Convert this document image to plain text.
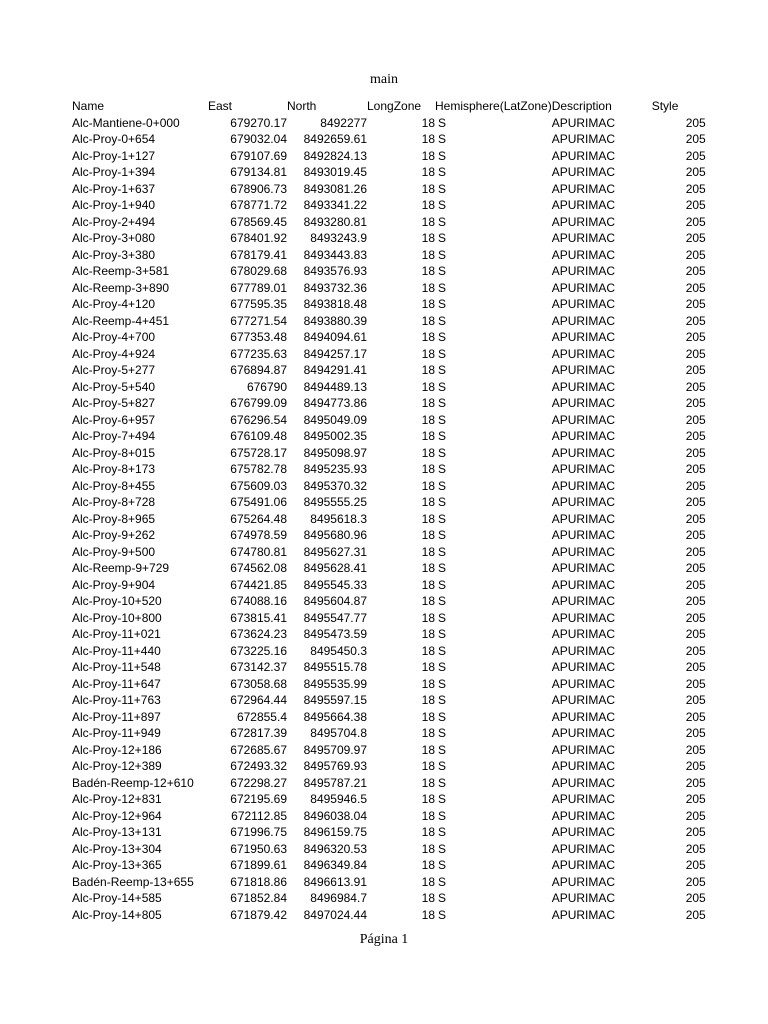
main
Name	East	North	LongZone	Hemisphere(LatZone)	Description	Style
Alc-Mantiene-0+000	679270.17	8492277	18	S	APURIMAC	205
Alc-Proy-0+654	679032.04	8492659.61	18	S	APURIMAC	205
Alc-Proy-1+127	679107.69	8492824.13	18	S	APURIMAC	205
Alc-Proy-1+394	679134.81	8493019.45	18	S	APURIMAC	205
Alc-Proy-1+637	678906.73	8493081.26	18	S	APURIMAC	205
Alc-Proy-1+940	678771.72	8493341.22	18	S	APURIMAC	205
Alc-Proy-2+494	678569.45	8493280.81	18	S	APURIMAC	205
Alc-Proy-3+080	678401.92	8493243.9	18	S	APURIMAC	205
Alc-Proy-3+380	678179.41	8493443.83	18	S	APURIMAC	205
Alc-Reemp-3+581	678029.68	8493576.93	18	S	APURIMAC	205
Alc-Reemp-3+890	677789.01	8493732.36	18	S	APURIMAC	205
Alc-Proy-4+120	677595.35	8493818.48	18	S	APURIMAC	205
Alc-Reemp-4+451	677271.54	8493880.39	18	S	APURIMAC	205
Alc-Proy-4+700	677353.48	8494094.61	18	S	APURIMAC	205
Alc-Proy-4+924	677235.63	8494257.17	18	S	APURIMAC	205
Alc-Proy-5+277	676894.87	8494291.41	18	S	APURIMAC	205
Alc-Proy-5+540	676790	8494489.13	18	S	APURIMAC	205
Alc-Proy-5+827	676799.09	8494773.86	18	S	APURIMAC	205
Alc-Proy-6+957	676296.54	8495049.09	18	S	APURIMAC	205
Alc-Proy-7+494	676109.48	8495002.35	18	S	APURIMAC	205
Alc-Proy-8+015	675728.17	8495098.97	18	S	APURIMAC	205
Alc-Proy-8+173	675782.78	8495235.93	18	S	APURIMAC	205
Alc-Proy-8+455	675609.03	8495370.32	18	S	APURIMAC	205
Alc-Proy-8+728	675491.06	8495555.25	18	S	APURIMAC	205
Alc-Proy-8+965	675264.48	8495618.3	18	S	APURIMAC	205
Alc-Proy-9+262	674978.59	8495680.96	18	S	APURIMAC	205
Alc-Proy-9+500	674780.81	8495627.31	18	S	APURIMAC	205
Alc-Reemp-9+729	674562.08	8495628.41	18	S	APURIMAC	205
Alc-Proy-9+904	674421.85	8495545.33	18	S	APURIMAC	205
Alc-Proy-10+520	674088.16	8495604.87	18	S	APURIMAC	205
Alc-Proy-10+800	673815.41	8495547.77	18	S	APURIMAC	205
Alc-Proy-11+021	673624.23	8495473.59	18	S	APURIMAC	205
Alc-Proy-11+440	673225.16	8495450.3	18	S	APURIMAC	205
Alc-Proy-11+548	673142.37	8495515.78	18	S	APURIMAC	205
Alc-Proy-11+647	673058.68	8495535.99	18	S	APURIMAC	205
Alc-Proy-11+763	672964.44	8495597.15	18	S	APURIMAC	205
Alc-Proy-11+897	672855.4	8495664.38	18	S	APURIMAC	205
Alc-Proy-11+949	672817.39	8495704.8	18	S	APURIMAC	205
Alc-Proy-12+186	672685.67	8495709.97	18	S	APURIMAC	205
Alc-Proy-12+389	672493.32	8495769.93	18	S	APURIMAC	205
Badén-Reemp-12+610	672298.27	8495787.21	18	S	APURIMAC	205
Alc-Proy-12+831	672195.69	8495946.5	18	S	APURIMAC	205
Alc-Proy-12+964	672112.85	8496038.04	18	S	APURIMAC	205
Alc-Proy-13+131	671996.75	8496159.75	18	S	APURIMAC	205
Alc-Proy-13+304	671950.63	8496320.53	18	S	APURIMAC	205
Alc-Proy-13+365	671899.61	8496349.84	18	S	APURIMAC	205
Badén-Reemp-13+655	671818.86	8496613.91	18	S	APURIMAC	205
Alc-Proy-14+585	671852.84	8496984.7	18	S	APURIMAC	205
Alc-Proy-14+805	671879.42	8497024.44	18	S	APURIMAC	205
Página 1
